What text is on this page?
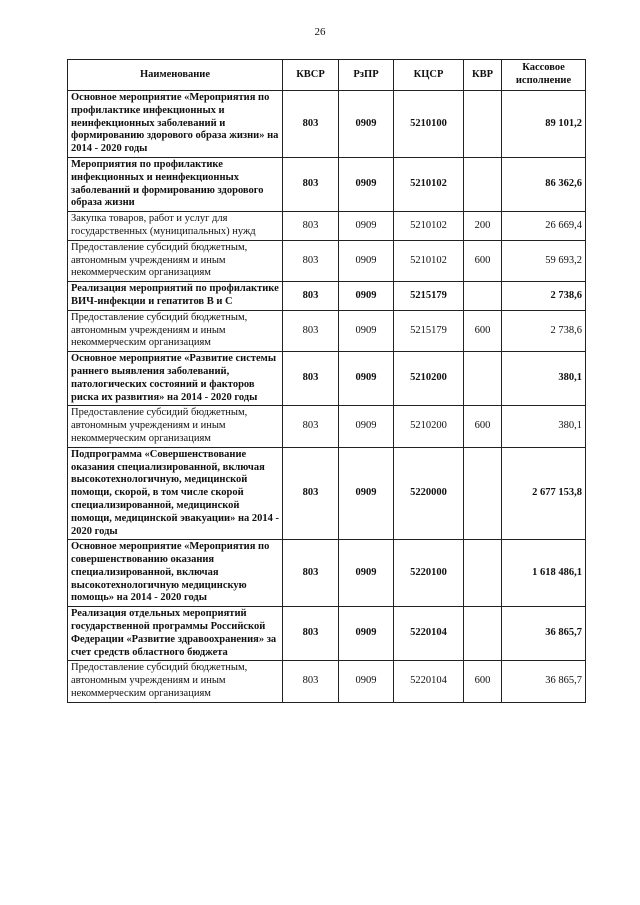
26
Наименование	КВСР	РзПР	КЦСР	КВР	Кассовое исполнение
Основное мероприятие «Мероприятия по профилактике инфекционных и неинфекционных заболеваний и формированию здорового образа жизни» на 2014 - 2020 годы	803	0909	5210100		89 101,2
Мероприятия по профилактике инфекционных и неинфекционных заболеваний и формированию здорового образа жизни	803	0909	5210102		86 362,6
Закупка товаров, работ и услуг для государственных (муниципальных) нужд	803	0909	5210102	200	26 669,4
Предоставление субсидий бюджетным, автономным учреждениям и иным некоммерческим организациям	803	0909	5210102	600	59 693,2
Реализация мероприятий по профилактике ВИЧ-инфекции и гепатитов В и С	803	0909	5215179		2 738,6
Предоставление субсидий бюджетным, автономным учреждениям и иным некоммерческим организациям	803	0909	5215179	600	2 738,6
Основное мероприятие «Развитие системы раннего выявления заболеваний, патологических состояний и факторов риска их развития» на 2014 - 2020 годы	803	0909	5210200		380,1
Предоставление субсидий бюджетным, автономным учреждениям и иным некоммерческим организациям	803	0909	5210200	600	380,1
Подпрограмма «Совершенствование оказания специализированной, включая высокотехнологичную, медицинской помощи, скорой, в том числе скорой специализированной, медицинской помощи, медицинской эвакуации» на 2014 - 2020 годы	803	0909	5220000		2 677 153,8
Основное мероприятие «Мероприятия по совершенствованию оказания специализированной, включая высокотехнологичную медицинскую помощь» на 2014 - 2020 годы	803	0909	5220100		1 618 486,1
Реализация отдельных мероприятий государственной программы Российской Федерации «Развитие здравоохранения» за счет средств областного бюджета	803	0909	5220104		36 865,7
Предоставление субсидий бюджетным, автономным учреждениям и иным некоммерческим организациям	803	0909	5220104	600	36 865,7
